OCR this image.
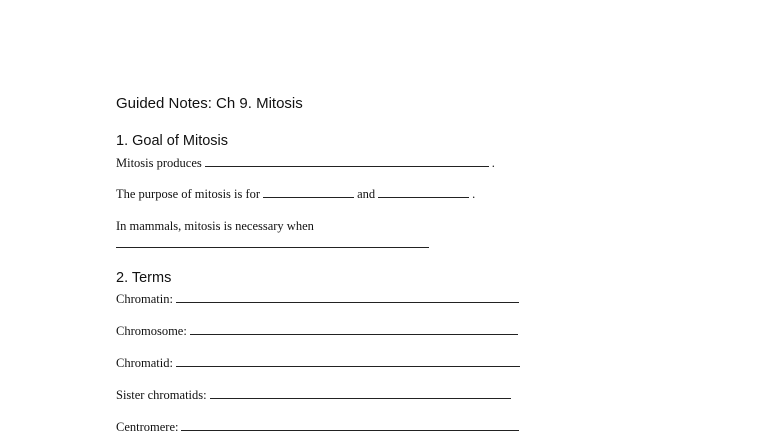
Guided Notes: Ch 9. Mitosis
1. Goal of Mitosis
Mitosis produces	.
The purpose of mitosis is for	and	.
In mammals, mitosis is necessary when
2. Terms
Chromatin:
Chromosome:
Chromatid:
Sister chromatids:
Centromere:
